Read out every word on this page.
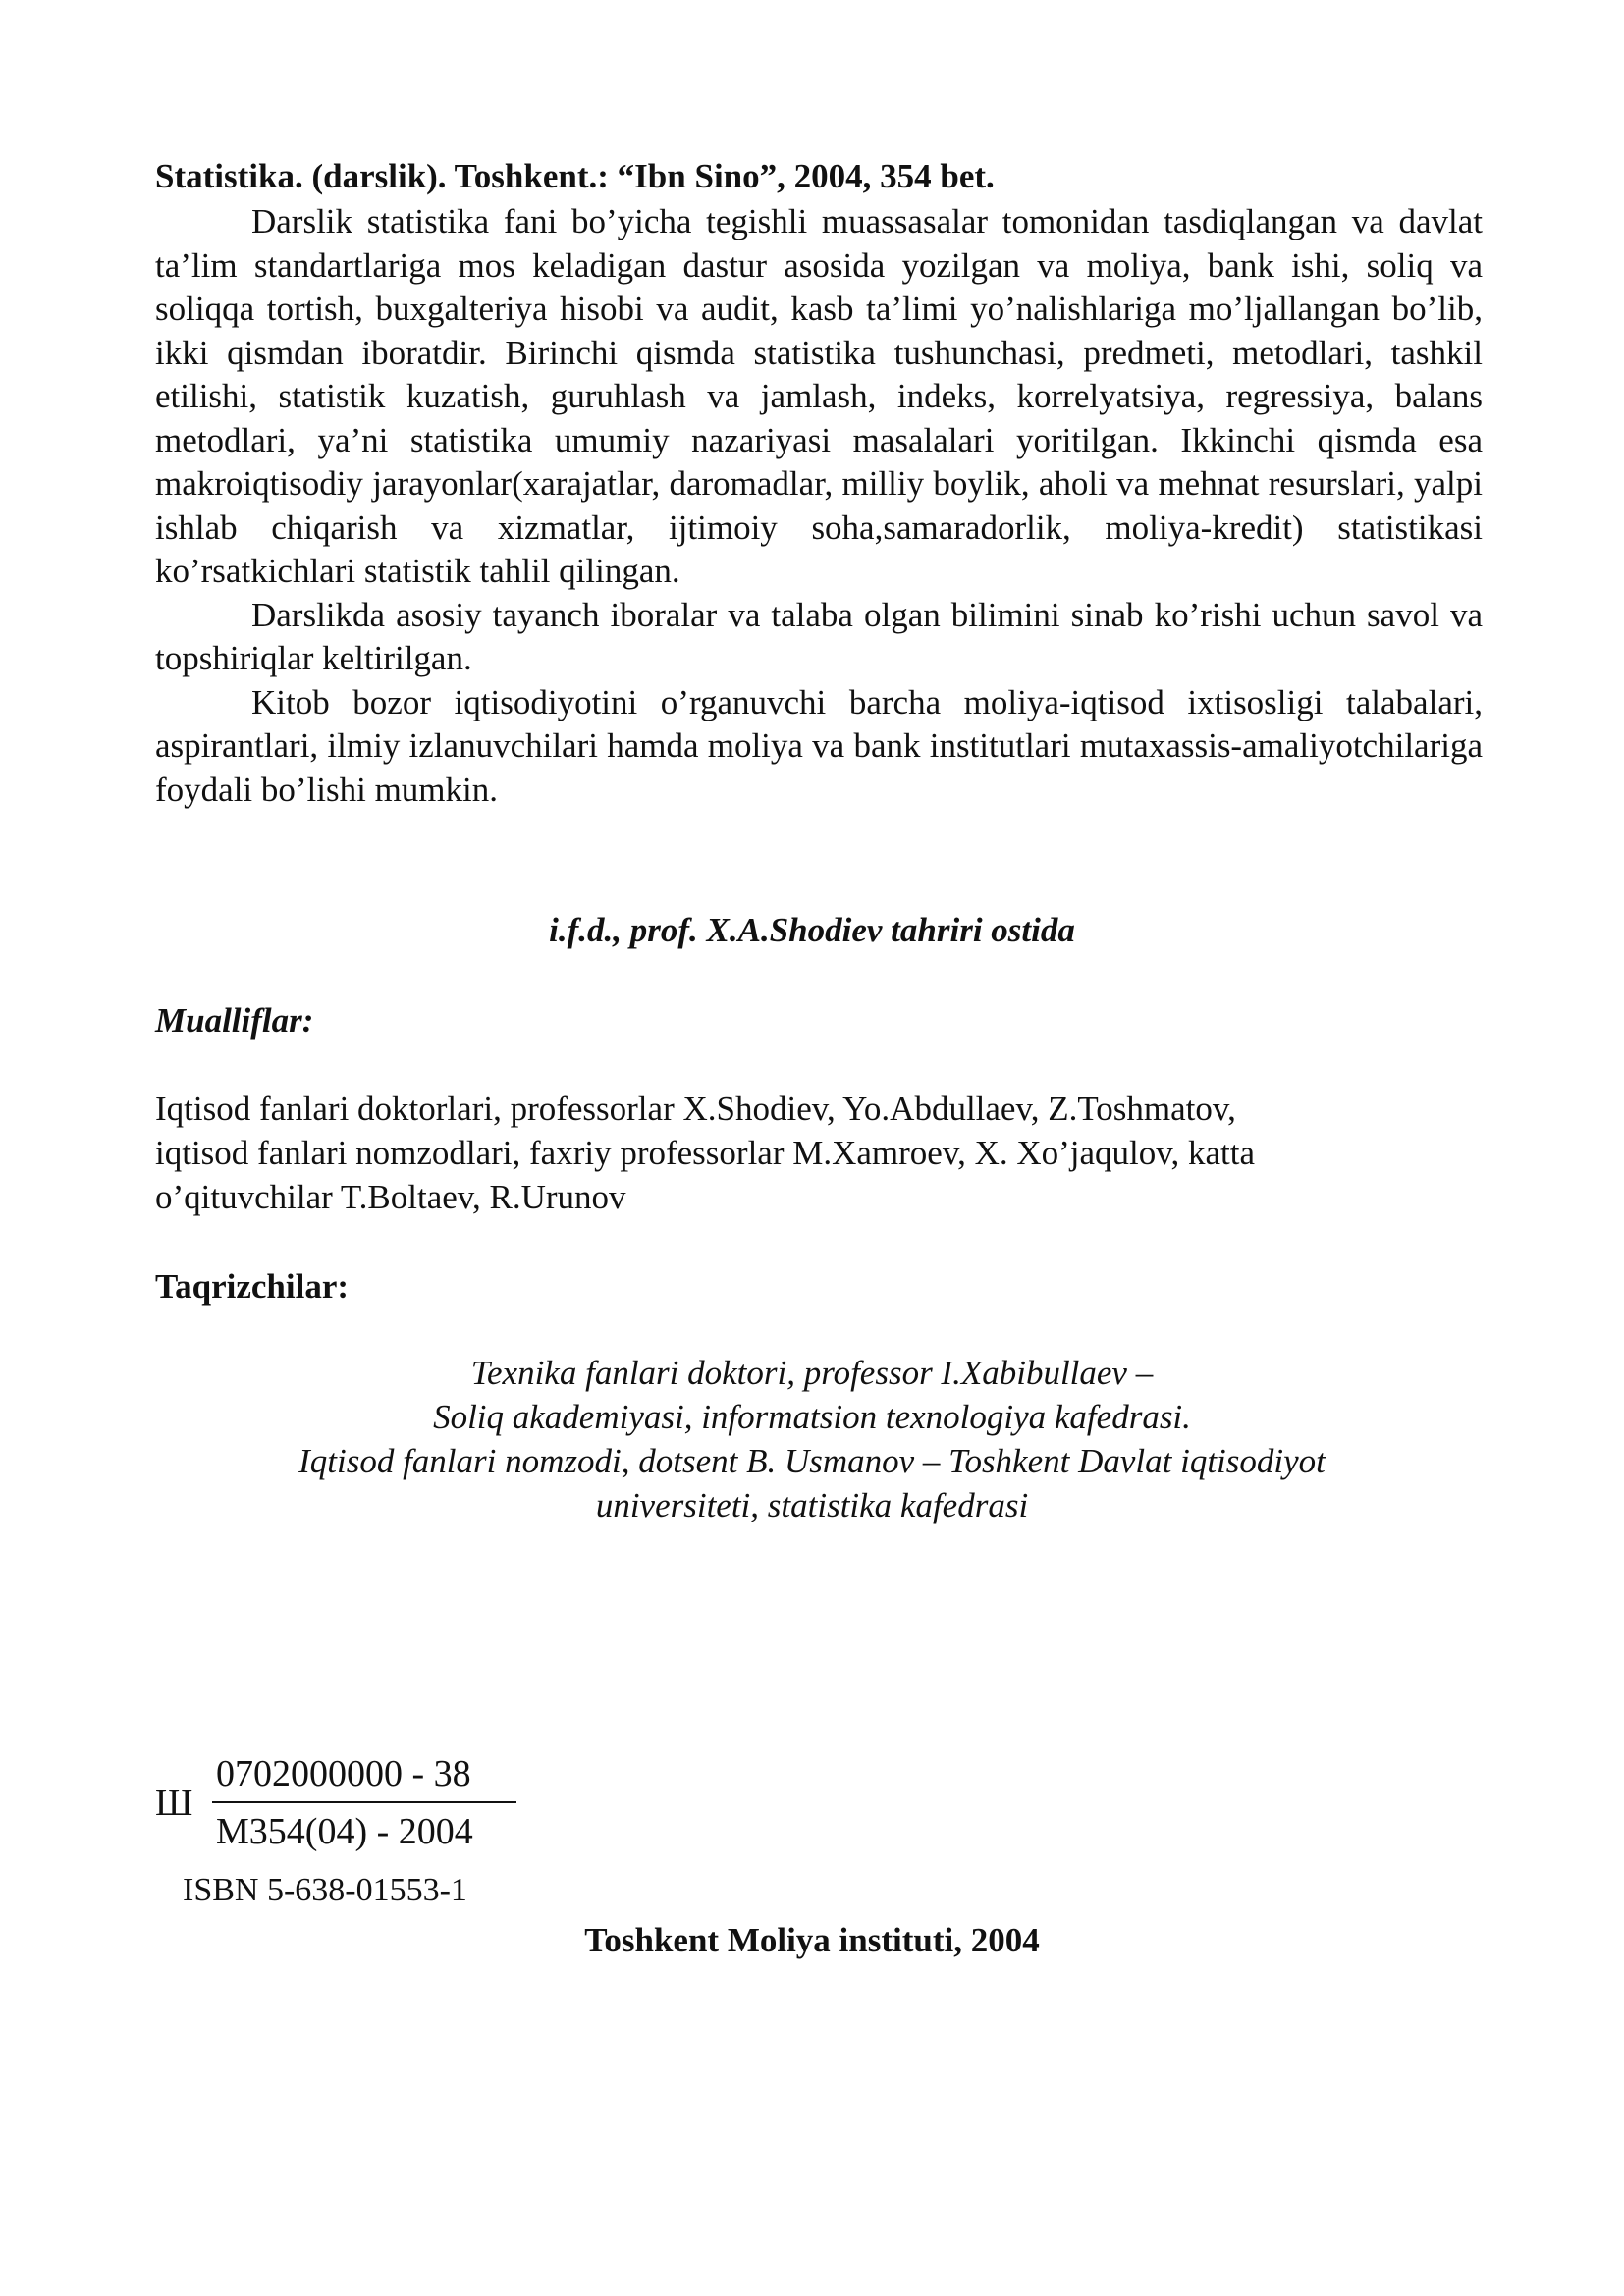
Statistika. (darslik). Toshkent.: “Ibn Sino”, 2004, 354 bet.

Darslik statistika fani bo’yicha tegishli muassasalar tomonidan tasdiqlangan va davlat ta’lim standartlariga mos keladigan dastur asosida yozilgan va moliya, bank ishi, soliq va soliqqa tortish, buxgalteriya hisobi va audit, kasb ta’limi yo’nalishlariga mo’ljallangan bo’lib, ikki qismdan iboratdir. Birinchi qismda statistika tushunchasi, predmeti, metodlari, tashkil etilishi, statistik kuzatish, guruhlash va jamlash, indeks, korrelyatsiya, regressiya, balans metodlari, ya’ni statistika umumiy nazariyasi masalalari yoritilgan. Ikkinchi qismda esa makroiqtisodiy jarayonlar(xarajatlar, daromadlar, milliy boylik, aholi va mehnat resurslari, yalpi ishlab chiqarish va xizmatlar, ijtimoiy soha,samaradorlik, moliya-kredit) statistikasi ko’rsatkichlari statistik tahlil qilingan.

Darslikda asosiy tayanch iboralar va talaba olgan bilimini sinab ko’rishi uchun savol va topshiriqlar keltirilgan.

Kitob bozor iqtisodiyotini o’rganuvchi barcha moliya-iqtisod ixtisosligi talabalari, aspirantlari, ilmiy izlanuvchilari hamda moliya va bank institutlari mutaxassis-amaliyotchilariga foydali bo’lishi mumkin.

i.f.d., prof. X.A.Shodiev tahriri ostida
Mualliflar:
Iqtisod fanlari doktorlari, professorlar X.Shodiev, Yo.Abdullaev, Z.Toshmatov,
iqtisod fanlari nomzodlari, faxriy professorlar M.Xamroev, X. Xo’jaqulov, katta
o’qituvchilar T.Boltaev, R.Urunov
Taqrizchilar:
Texnika fanlari doktori, professor I.Xabibullaev –
Soliq akademiyasi, informatsion texnologiya kafedrasi.
Iqtisod fanlari nomzodi, dotsent B. Usmanov – Toshkent Davlat iqtisodiyot
universiteti, statistika kafedrasi
Ш
0702000000 - 38
M354(04) - 2004
ISBN 5-638-01553-1
Toshkent Moliya instituti, 2004
